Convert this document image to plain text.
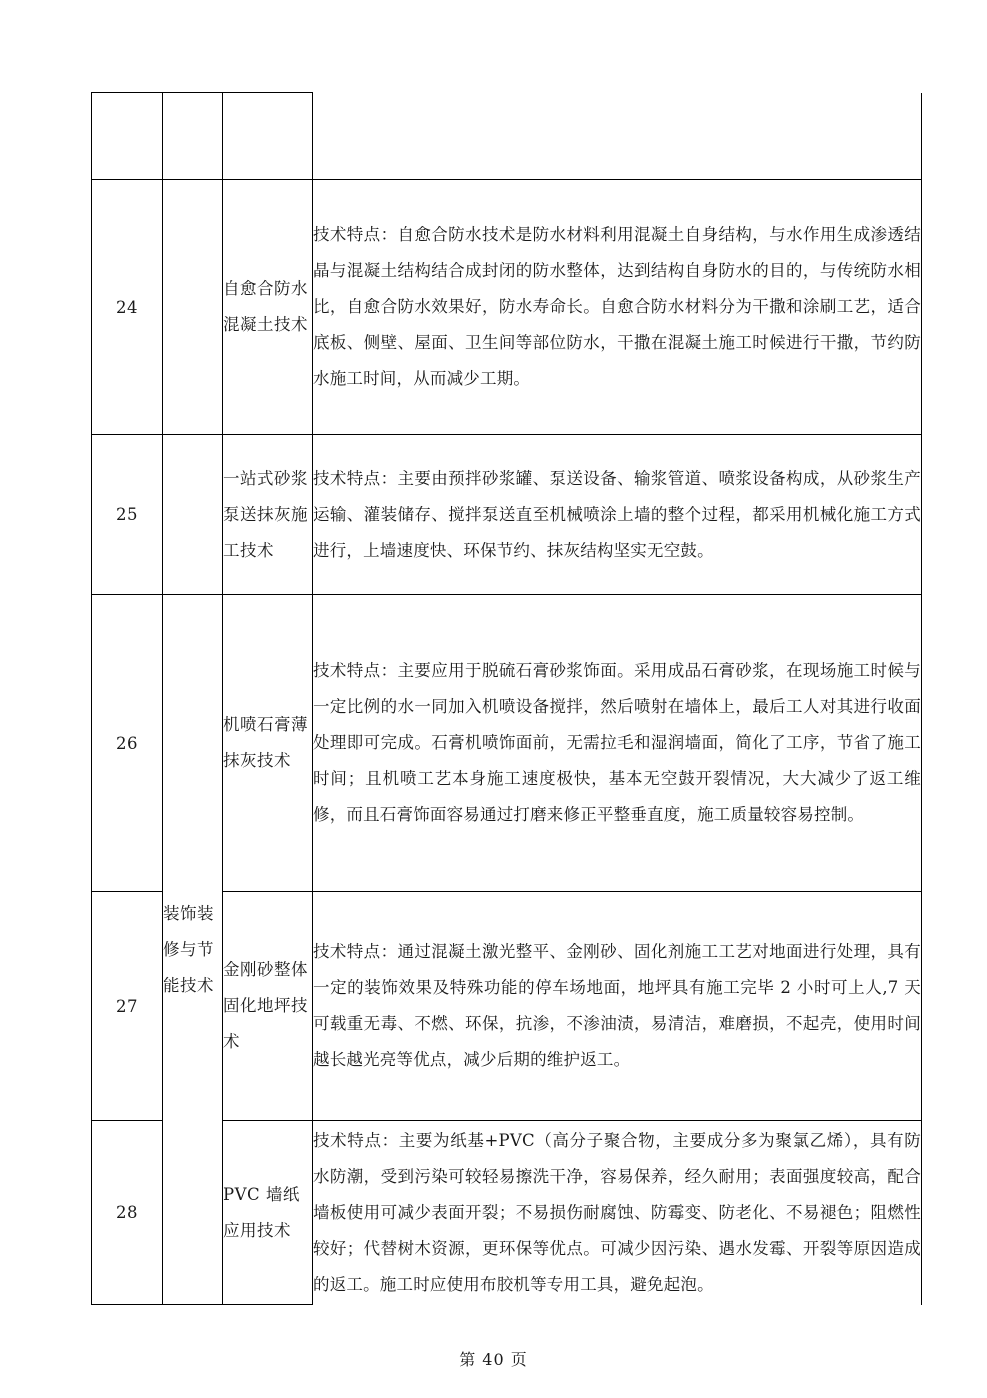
24		自愈合防水混凝土技术	技术特点：自愈合防水技术是防水材料利用混凝土自身结构，与水作用生成渗透结晶与混凝土结构结合成封闭的防水整体，达到结构自身防水的目的，与传统防水相比，自愈合防水效果好，防水寿命长。自愈合防水材料分为干撒和涂刷工艺，适合底板、侧壁、屋面、卫生间等部位防水，干撒在混凝土施工时候进行干撒，节约防水施工时间，从而减少工期。

25		一站式砂浆泵送抹灰施工技术	技术特点：主要由预拌砂浆罐、泵送设备、输浆管道、喷浆设备构成，从砂浆生产运输、灌装储存、搅拌泵送直至机械喷涂上墙的整个过程，都采用机械化施工方式进行，上墙速度快、环保节约、抹灰结构坚实无空鼓。

26	装饰装修与节能技术	机喷石膏薄抹灰技术	技术特点：主要应用于脱硫石膏砂浆饰面。采用成品石膏砂浆，在现场施工时候与一定比例的水一同加入机喷设备搅拌，然后喷射在墙体上，最后工人对其进行收面处理即可完成。石膏机喷饰面前，无需拉毛和湿润墙面，简化了工序，节省了施工时间；且机喷工艺本身施工速度极快，基本无空鼓开裂情况，大大减少了返工维修，而且石膏饰面容易通过打磨来修正平整垂直度，施工质量较容易控制。

27		金刚砂整体固化地坪技术	技术特点：通过混凝土激光整平、金刚砂、固化剂施工工艺对地面进行处理，具有一定的装饰效果及特殊功能的停车场地面，地坪具有施工完毕 2 小时可上人,7 天可载重无毒、不燃、环保，抗渗，不渗油渍，易清洁，难磨损，不起壳，使用时间越长越光亮等优点，减少后期的维护返工。

28		PVC 墙纸应用技术	技术特点：主要为纸基+PVC（高分子聚合物，主要成分多为聚氯乙烯），具有防水防潮，受到污染可较轻易擦洗干净，容易保养，经久耐用；表面强度较高，配合墙板使用可减少表面开裂；不易损伤耐腐蚀、防霉变、防老化、不易褪色；阻燃性较好；代替树木资源，更环保等优点。可减少因污染、遇水发霉、开裂等原因造成的返工。施工时应使用布胶机等专用工具，避免起泡。
第 40 页
